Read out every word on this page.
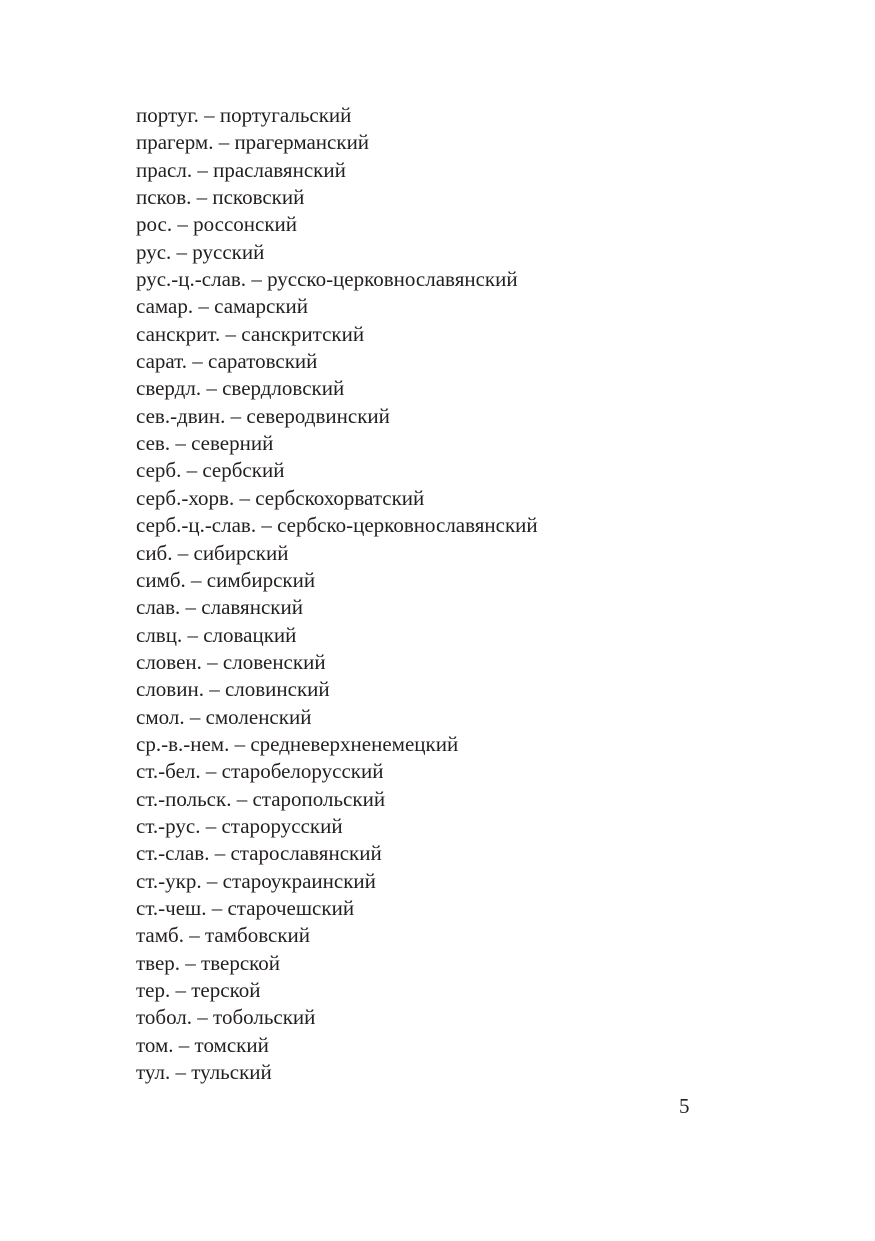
португ. – португальский
прагерм. – прагерманский
прасл. – праславянский
псков. – псковский
рос. – россонский
рус. – русский
рус.-ц.-слав. – русско-церковнославянский
самар. – самарский
санскрит. – санскритский
сарат. – саратовский
свердл. – свердловский
сев.-двин. – северодвинский
сев. – северний
серб. – сербский
серб.-хорв. – сербскохорватский
серб.-ц.-слав. – сербско-церковнославянский
сиб. – сибирский
симб. – симбирский
слав. – славянский
слвц. – словацкий
словен. – словенский
словин. – словинский
смол. – смоленский
ср.-в.-нем. – средневерхненемецкий
ст.-бел. – старобелорусский
ст.-польск. – старопольский
ст.-рус. – старорусский
ст.-слав. – старославянский
ст.-укр. – староукраинский
ст.-чеш. – старочешский
тамб. – тамбовский
твер. – тверской
тер. – терской
тобол. – тобольский
том. – томский
тул. – тульский
5
